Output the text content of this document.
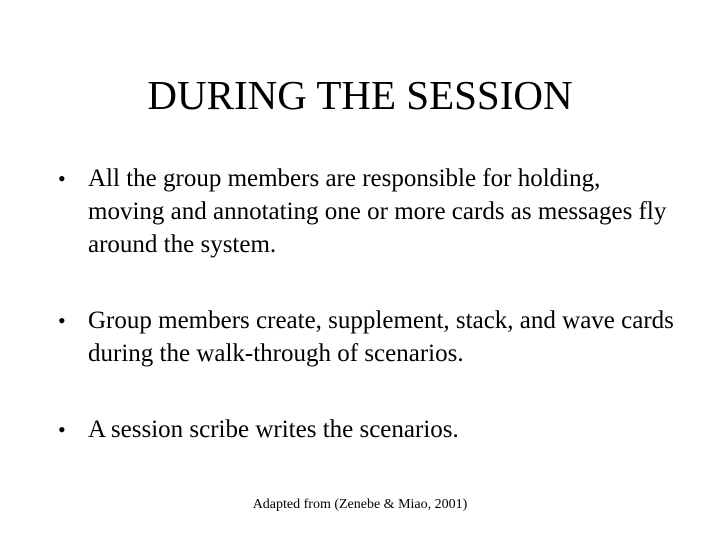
DURING THE SESSION
• All the group members are responsible for holding, moving and annotating one or more cards as messages fly around the system.
• Group members create, supplement, stack, and wave cards during the walk-through of scenarios.
• A session scribe writes the scenarios.
Adapted from (Zenebe & Miao, 2001)
